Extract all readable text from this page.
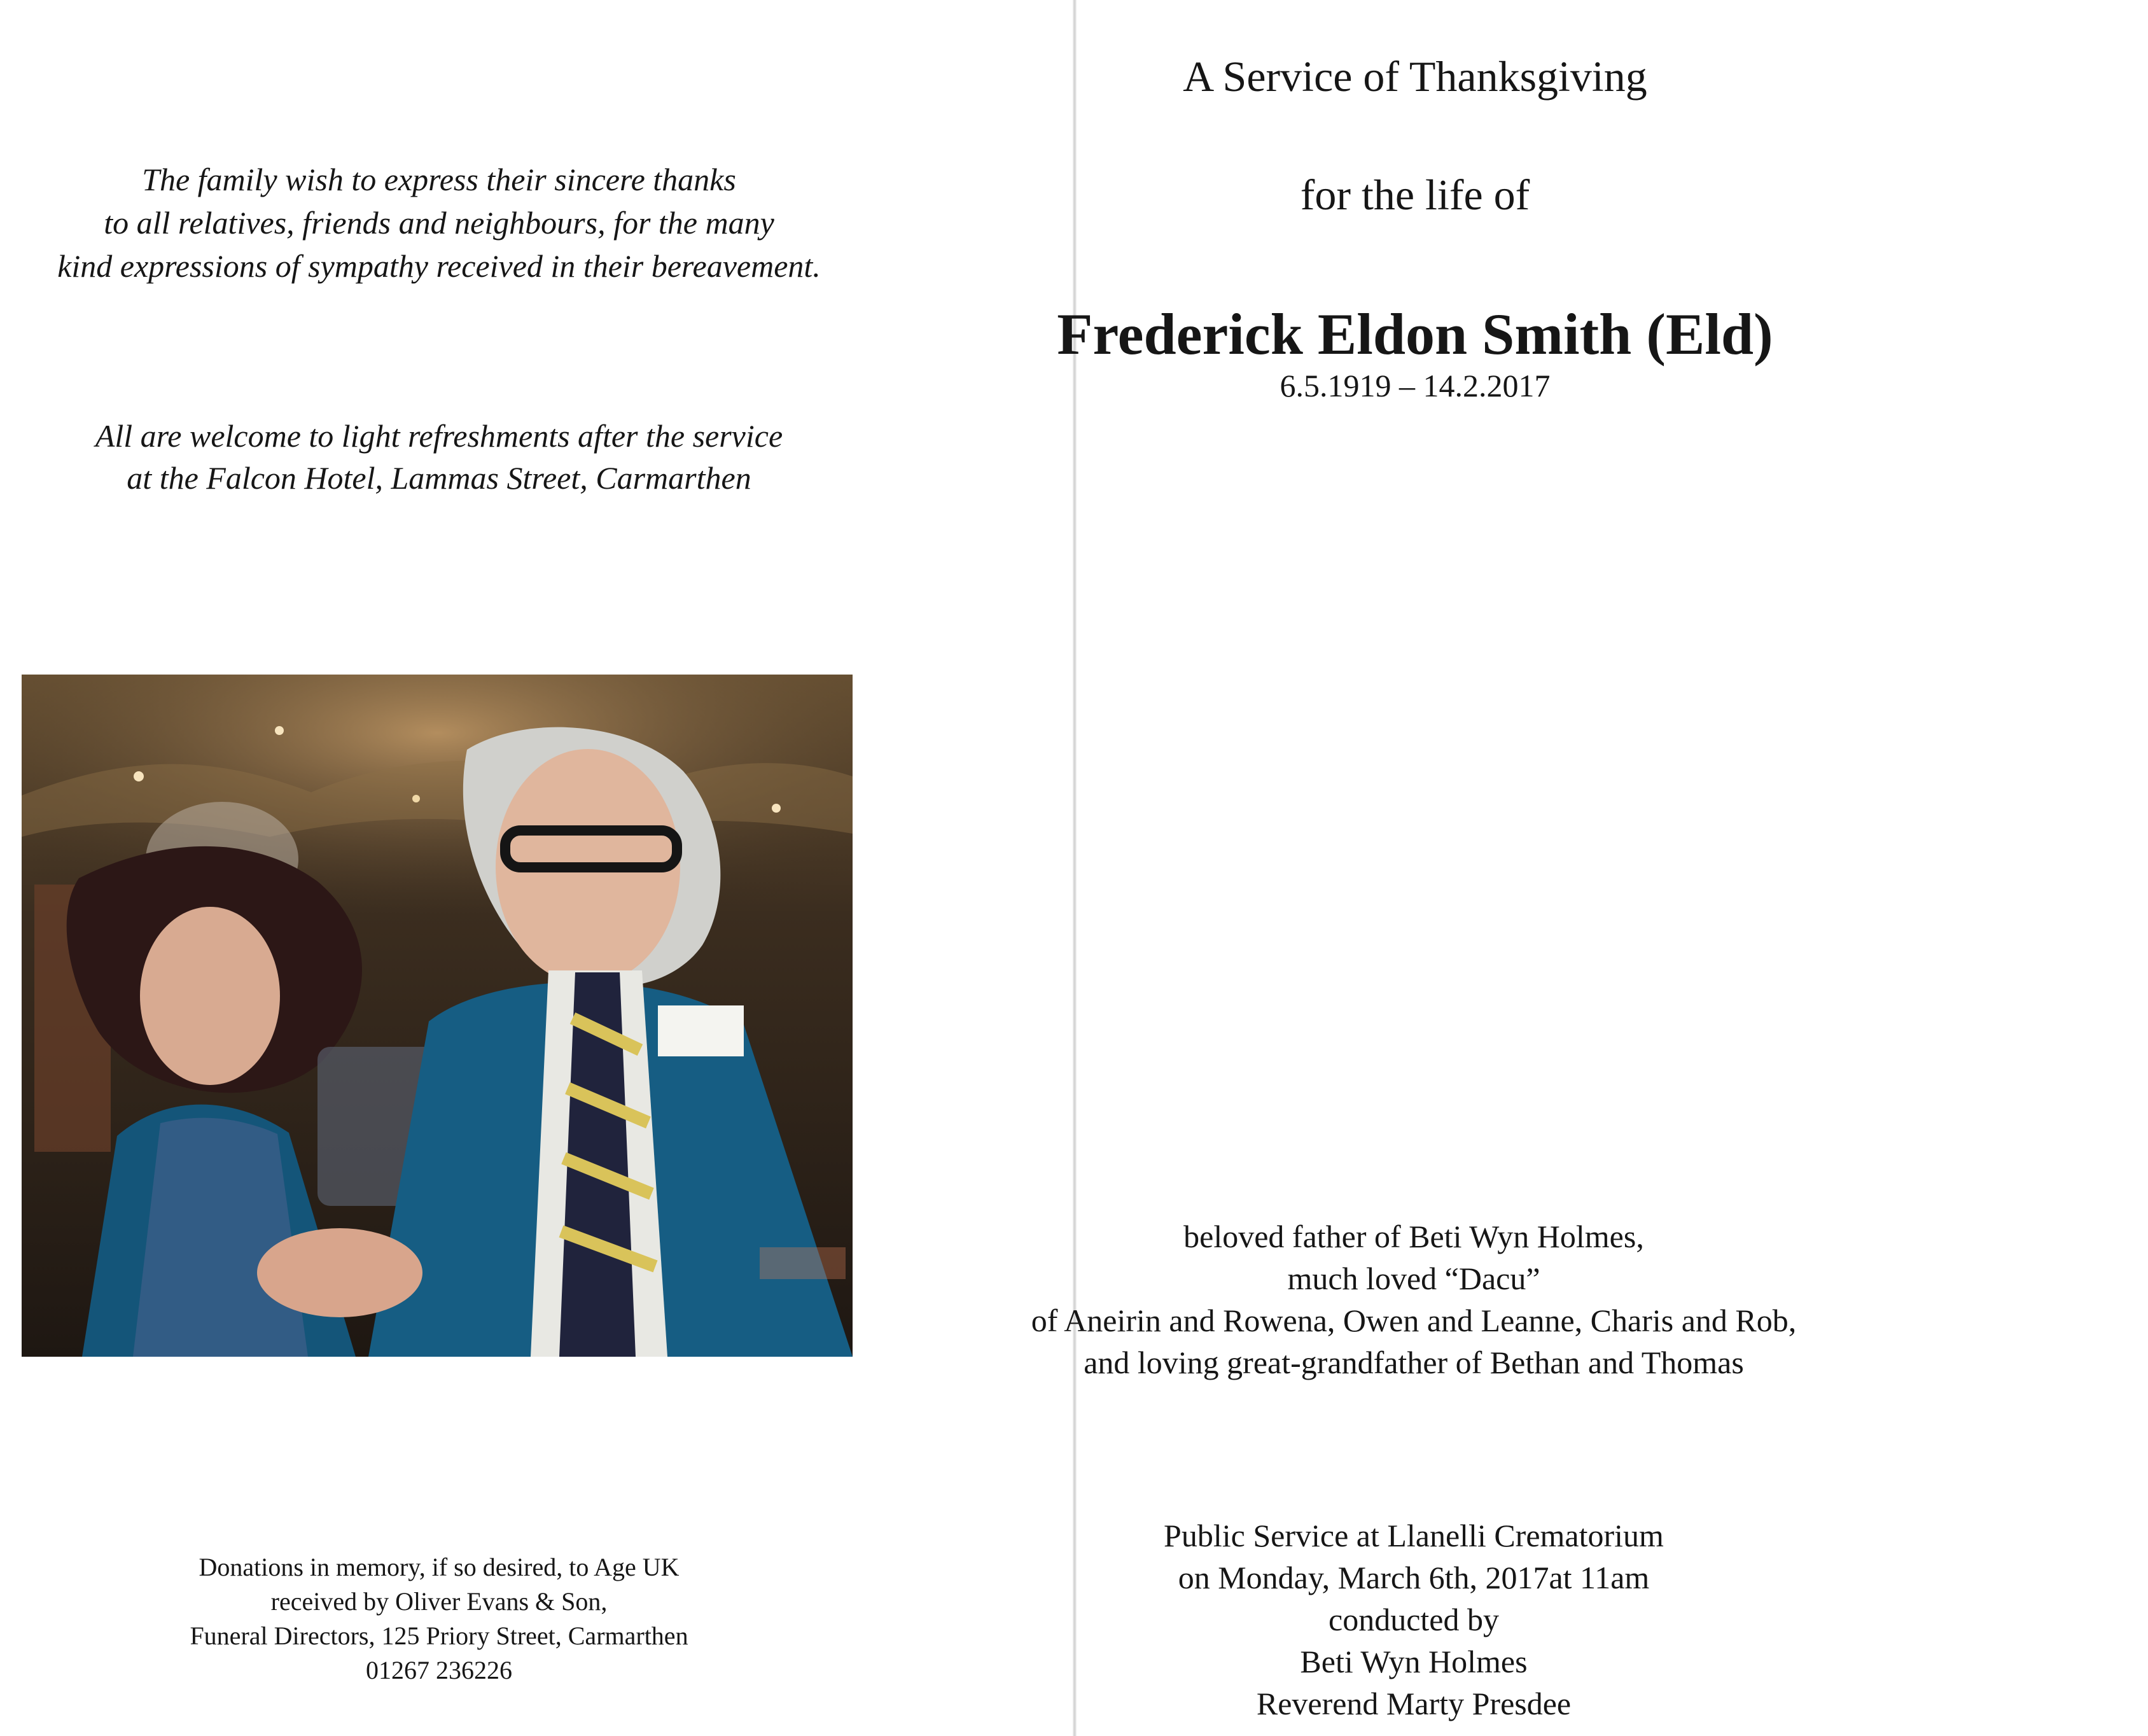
The family wish to express their sincere thanks
to all relatives, friends and neighbours, for the many
kind expressions of sympathy received in their bereavement.
All are welcome to light refreshments after the service
at the Falcon Hotel, Lammas Street, Carmarthen
Donations in memory, if so desired, to Age UK
received by Oliver Evans & Son,
Funeral Directors, 125 Priory Street, Carmarthen
01267 236226
A Service of Thanksgiving
for the life of
Frederick Eldon Smith (Eld)
6.5.1919 – 14.2.2017
beloved father of Beti Wyn Holmes,
much loved “Dacu”
of Aneirin and Rowena, Owen and Leanne, Charis and Rob,
and loving great-grandfather of Bethan and Thomas
Public Service at Llanelli Crematorium
on Monday, March 6th, 2017at 11am
conducted by
Beti Wyn Holmes
Reverend Marty Presdee
